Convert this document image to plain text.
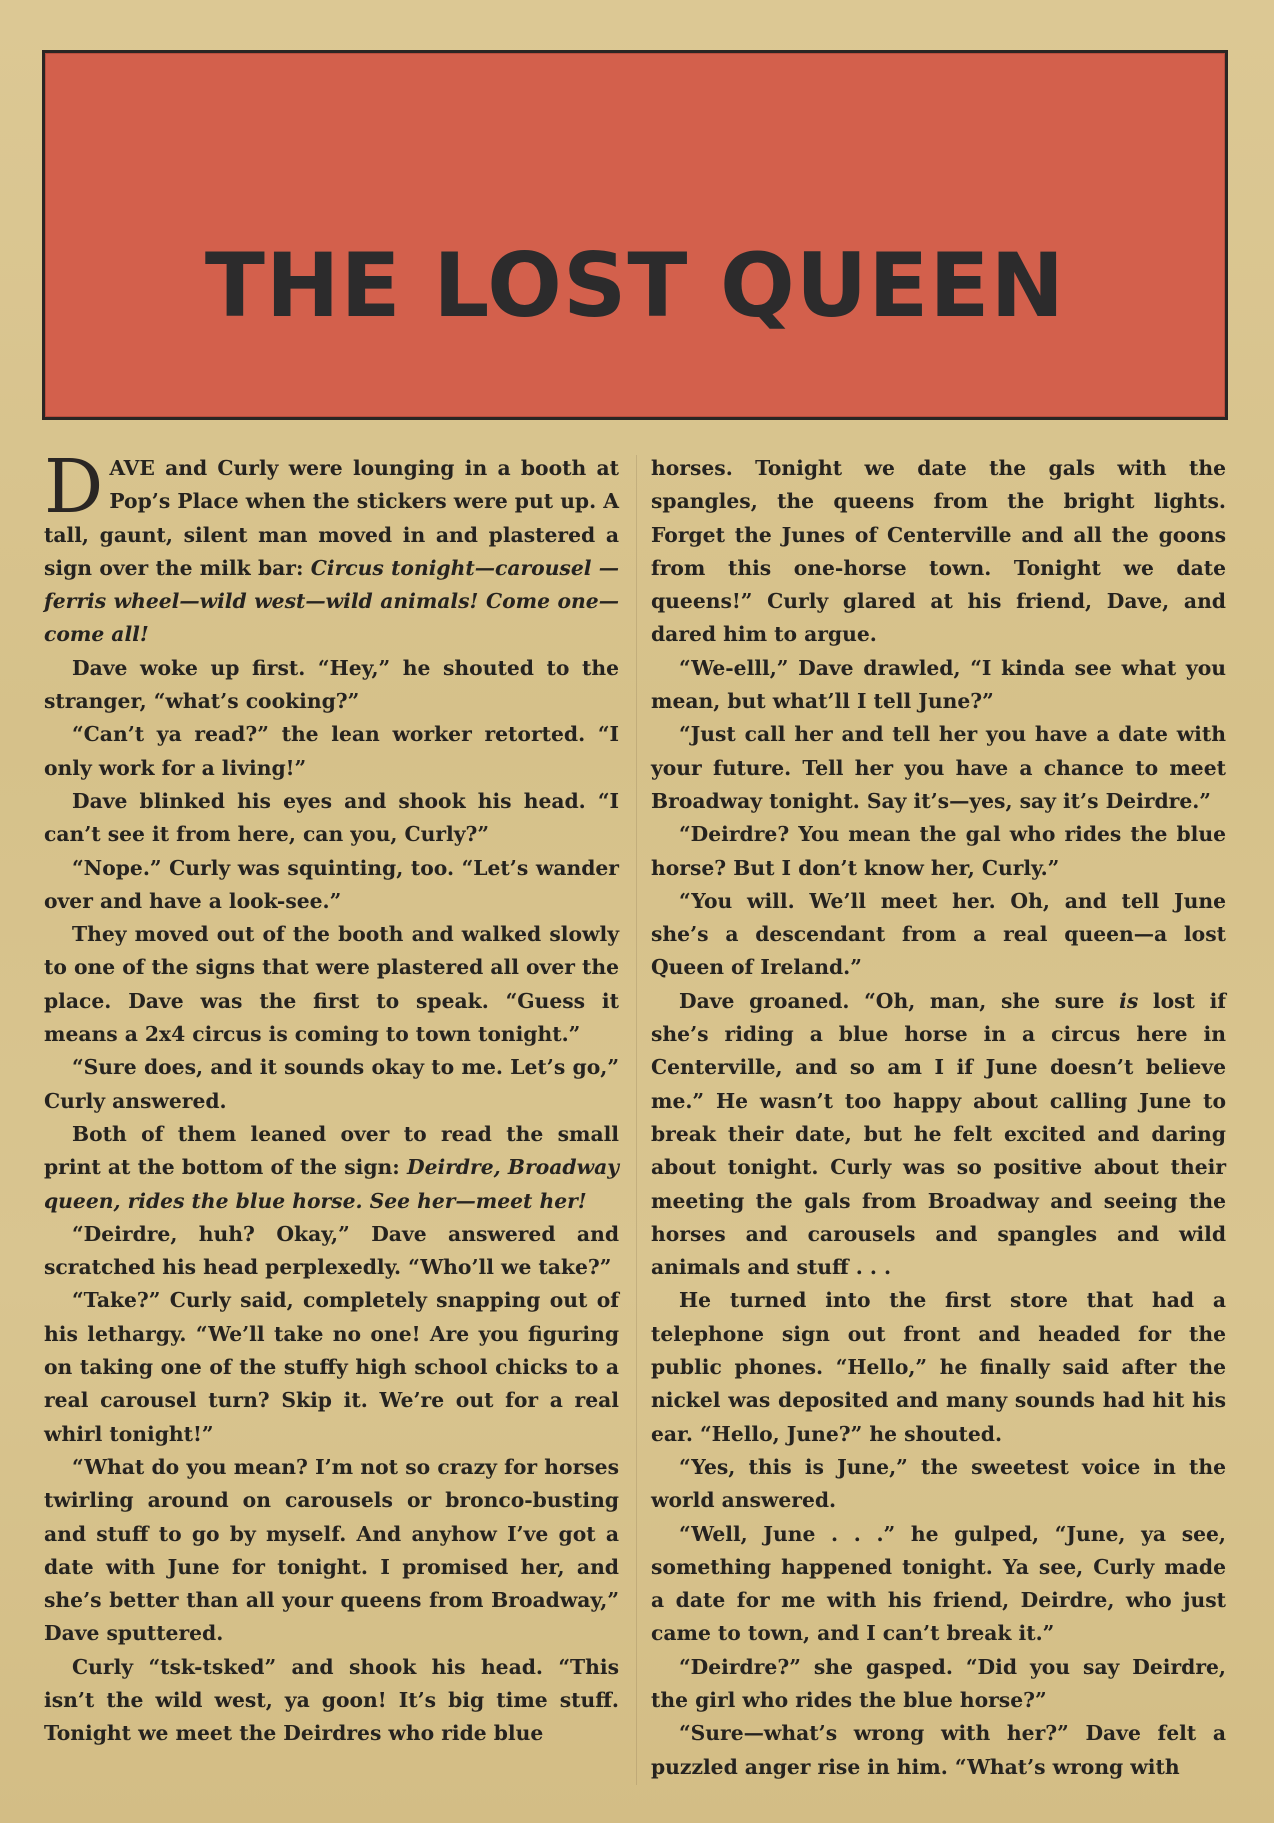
THE LOST QUEEN

DAVE and Curly were lounging in a booth at Pop’s Place when the stickers were put up. A tall, gaunt, silent man moved in and plastered a sign over the milk bar: Circus tonight—carousel —ferris wheel—wild west—wild animals! Come one—come all!

Dave woke up first. “Hey,” he shouted to the stranger, “what’s cooking?”

“Can’t ya read?” the lean worker retorted. “I only work for a living!”

Dave blinked his eyes and shook his head. “I can’t see it from here, can you, Curly?”

“Nope.” Curly was squinting, too. “Let’s wander over and have a look-see.”

They moved out of the booth and walked slowly to one of the signs that were plastered all over the place. Dave was the first to speak. “Guess it means a 2x4 circus is coming to town tonight.”

“Sure does, and it sounds okay to me. Let’s go,” Curly answered.

Both of them leaned over to read the small print at the bottom of the sign: Deirdre, Broadway queen, rides the blue horse. See her—meet her!

“Deirdre, huh? Okay,” Dave answered and scratched his head perplexedly. “Who’ll we take?”

“Take?” Curly said, completely snapping out of his lethargy. “We’ll take no one! Are you figuring on taking one of the stuffy high school chicks to a real carousel turn? Skip it. We’re out for a real whirl tonight!”

“What do you mean? I’m not so crazy for horses twirling around on carousels or bronco-busting and stuff to go by myself. And anyhow I’ve got a date with June for tonight. I promised her, and she’s better than all your queens from Broadway,” Dave sputtered.

Curly “tsk-tsked” and shook his head. “This isn’t the wild west, ya goon! It’s big time stuff. Tonight we meet the Deirdres who ride blue

horses. Tonight we date the gals with the spangles, the queens from the bright lights. Forget the Junes of Centerville and all the goons from this one-horse town. Tonight we date queens!” Curly glared at his friend, Dave, and dared him to argue.

“We-elll,” Dave drawled, “I kinda see what you mean, but what’ll I tell June?”

“Just call her and tell her you have a date with your future. Tell her you have a chance to meet Broadway tonight. Say it’s—yes, say it’s Deirdre.”

“Deirdre? You mean the gal who rides the blue horse? But I don’t know her, Curly.”

“You will. We’ll meet her. Oh, and tell June she’s a descendant from a real queen—a lost Queen of Ireland.”

Dave groaned. “Oh, man, she sure is lost if she’s riding a blue horse in a circus here in Centerville, and so am I if June doesn’t believe me.” He wasn’t too happy about calling June to break their date, but he felt excited and daring about tonight. Curly was so positive about their meeting the gals from Broadway and seeing the horses and carousels and spangles and wild animals and stuff . . .

He turned into the first store that had a telephone sign out front and headed for the public phones. “Hello,” he finally said after the nickel was deposited and many sounds had hit his ear. “Hello, June?” he shouted.

“Yes, this is June,” the sweetest voice in the world answered.

“Well, June . . .” he gulped, “June, ya see, something happened tonight. Ya see, Curly made a date for me with his friend, Deirdre, who just came to town, and I can’t break it.”

“Deirdre?” she gasped. “Did you say Deirdre, the girl who rides the blue horse?”

“Sure—what’s wrong with her?” Dave felt a puzzled anger rise in him. “What’s wrong with
